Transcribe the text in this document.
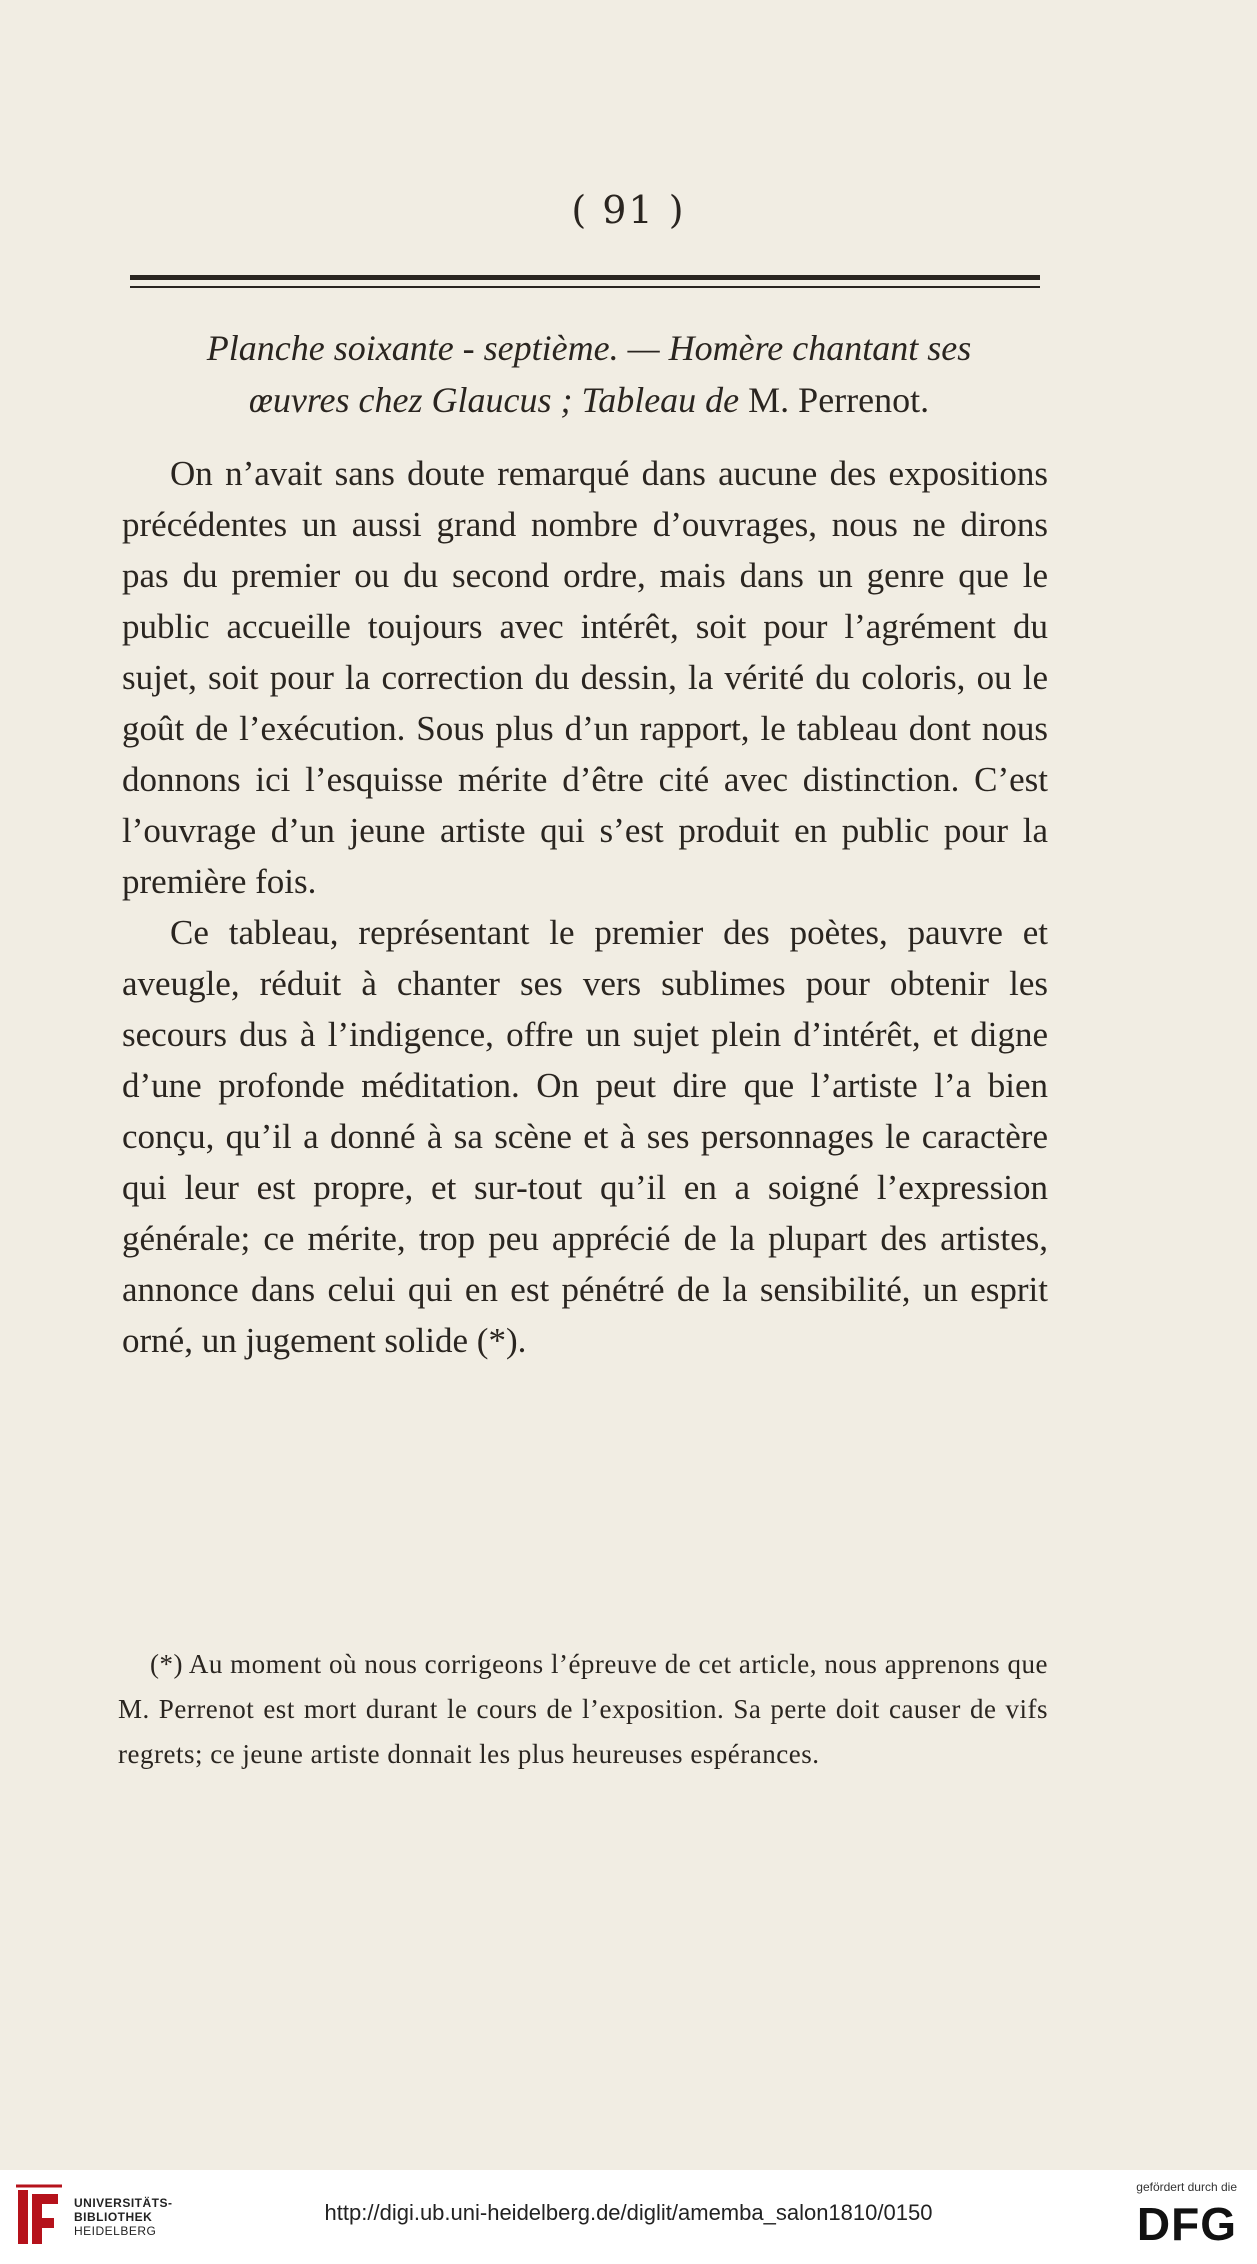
( 91 )
Planche soixante - septième. — Homère chantant ses
œuvres chez Glaucus ; Tableau de M. Perrenot.

On n’avait sans doute remarqué dans aucune des expositions précédentes un aussi grand nombre d’ouvrages, nous ne dirons pas du premier ou du second ordre, mais dans un genre que le public accueille toujours avec intérêt, soit pour l’agrément du sujet, soit pour la correction du dessin, la vérité du coloris, ou le goût de l’exécution. Sous plus d’un rapport, le tableau dont nous donnons ici l’esquisse mérite d’être cité avec distinction. C’est l’ouvrage d’un jeune artiste qui s’est produit en public pour la première fois.

Ce tableau, représentant le premier des poètes, pauvre et aveugle, réduit à chanter ses vers sublimes pour obtenir les secours dus à l’indigence, offre un sujet plein d’intérêt, et digne d’une profonde méditation. On peut dire que l’artiste l’a bien conçu, qu’il a donné à sa scène et à ses personnages le caractère qui leur est propre, et sur-tout qu’il en a soigné l’expression générale; ce mérite, trop peu apprécié de la plupart des artistes, annonce dans celui qui en est pénétré de la sensibilité, un esprit orné, un jugement solide (*).

(*) Au moment où nous corrigeons l’épreuve de cet article, nous apprenons que M. Perrenot est mort durant le cours de l’exposition. Sa perte doit causer de vifs regrets; ce jeune artiste donnait les plus heureuses espérances.

UNIVERSITÄTS-
BIBLIOTHEK
HEIDELBERG
http://digi.ub.uni-heidelberg.de/diglit/amemba_salon1810/0150
gefördert durch die
DFG
